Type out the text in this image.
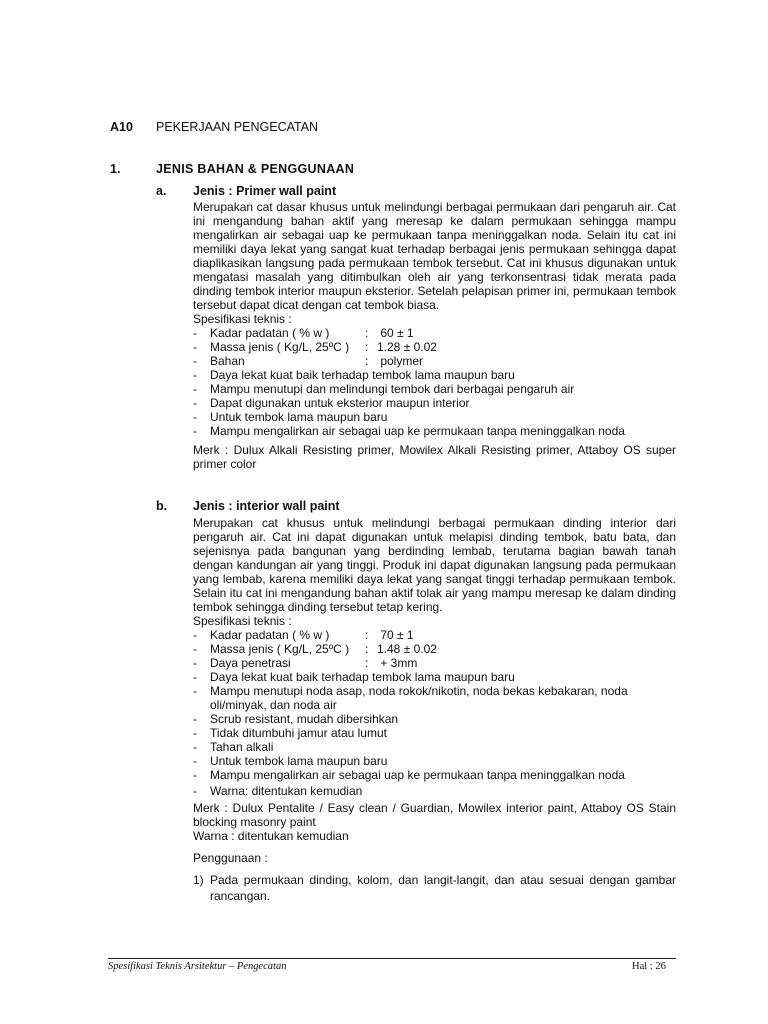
A10 PEKERJAAN PENGECATAN
1.	JENIS BAHAN & PENGGUNAAN
a. Jenis : Primer wall paint
Merupakan cat dasar khusus untuk melindungi berbagai permukaan dari pengaruh air. Cat ini mengandung bahan aktif yang meresap ke dalam permukaan sehingga mampu mengalirkan air sebagai uap ke permukaan tanpa meninggalkan noda. Selain itu cat ini memiliki daya lekat yang sangat kuat terhadap berbagai jenis permukaan sehingga dapat diaplikasikan langsung pada permukaan tembok tersebut. Cat ini khusus digunakan untuk mengatasi masalah yang ditimbulkan oleh air yang terkonsentrasi tidak merata pada dinding tembok interior maupun eksterior. Setelah pelapisan primer ini, permukaan tembok tersebut dapat dicat dengan cat tembok biasa.
Spesifikasi teknis :
- Kadar padatan ( % w )	: 60 ± 1
- Massa jenis ( Kg/L, 25ºC ) : 1.28 ± 0.02
- Bahan	: polymer
- Daya lekat kuat baik terhadap tembok lama maupun baru
- Mampu menutupi dan melindungi tembok dari berbagai pengaruh air
- Dapat digunakan untuk eksterior maupun interior
- Untuk tembok lama maupun baru
- Mampu mengalirkan air sebagai uap ke permukaan tanpa meninggalkan noda
Merk : Dulux Alkali Resisting primer, Mowilex Alkali Resisting primer, Attaboy OS super primer color
b. Jenis : interior wall paint
Merupakan cat khusus untuk melindungi berbagai permukaan dinding interior dari pengaruh air. Cat ini dapat digunakan untuk melapisi dinding tembok, batu bata, dan sejenisnya pada bangunan yang berdinding lembab, terutama bagian bawah tanah dengan kandungan air yang tinggi. Produk ini dapat digunakan langsung pada permukaan yang lembab, karena memiliki daya lekat yang sangat tinggi terhadap permukaan tembok. Selain itu cat ini mengandung bahan aktif tolak air yang mampu meresap ke dalam dinding tembok sehingga dinding tersebut tetap kering.
Spesifikasi teknis :
- Kadar padatan ( % w )	: 70 ± 1
- Massa jenis ( Kg/L, 25ºC ) : 1.48 ± 0.02
- Daya penetrasi	: + 3mm
- Daya lekat kuat baik terhadap tembok lama maupun baru
- Mampu menutupi noda asap, noda rokok/nikotin, noda bekas kebakaran, noda oli/minyak, dan noda air
- Scrub resistant, mudah dibersihkan
- Tidak ditumbuhi jamur atau lumut
- Tahan alkali
- Untuk tembok lama maupun baru
- Mampu mengalirkan air sebagai uap ke permukaan tanpa meninggalkan noda
- Warna: ditentukan kemudian
Merk : Dulux Pentalite / Easy clean / Guardian, Mowilex interior paint, Attaboy OS Stain blocking masonry paint
Warna : ditentukan kemudian
Penggunaan :
1) Pada permukaan dinding, kolom, dan langit-langit, dan atau sesuai dengan gambar rancangan.
Spesifikasi Teknis Arsitektur – Pengecatan	Hal : 26
